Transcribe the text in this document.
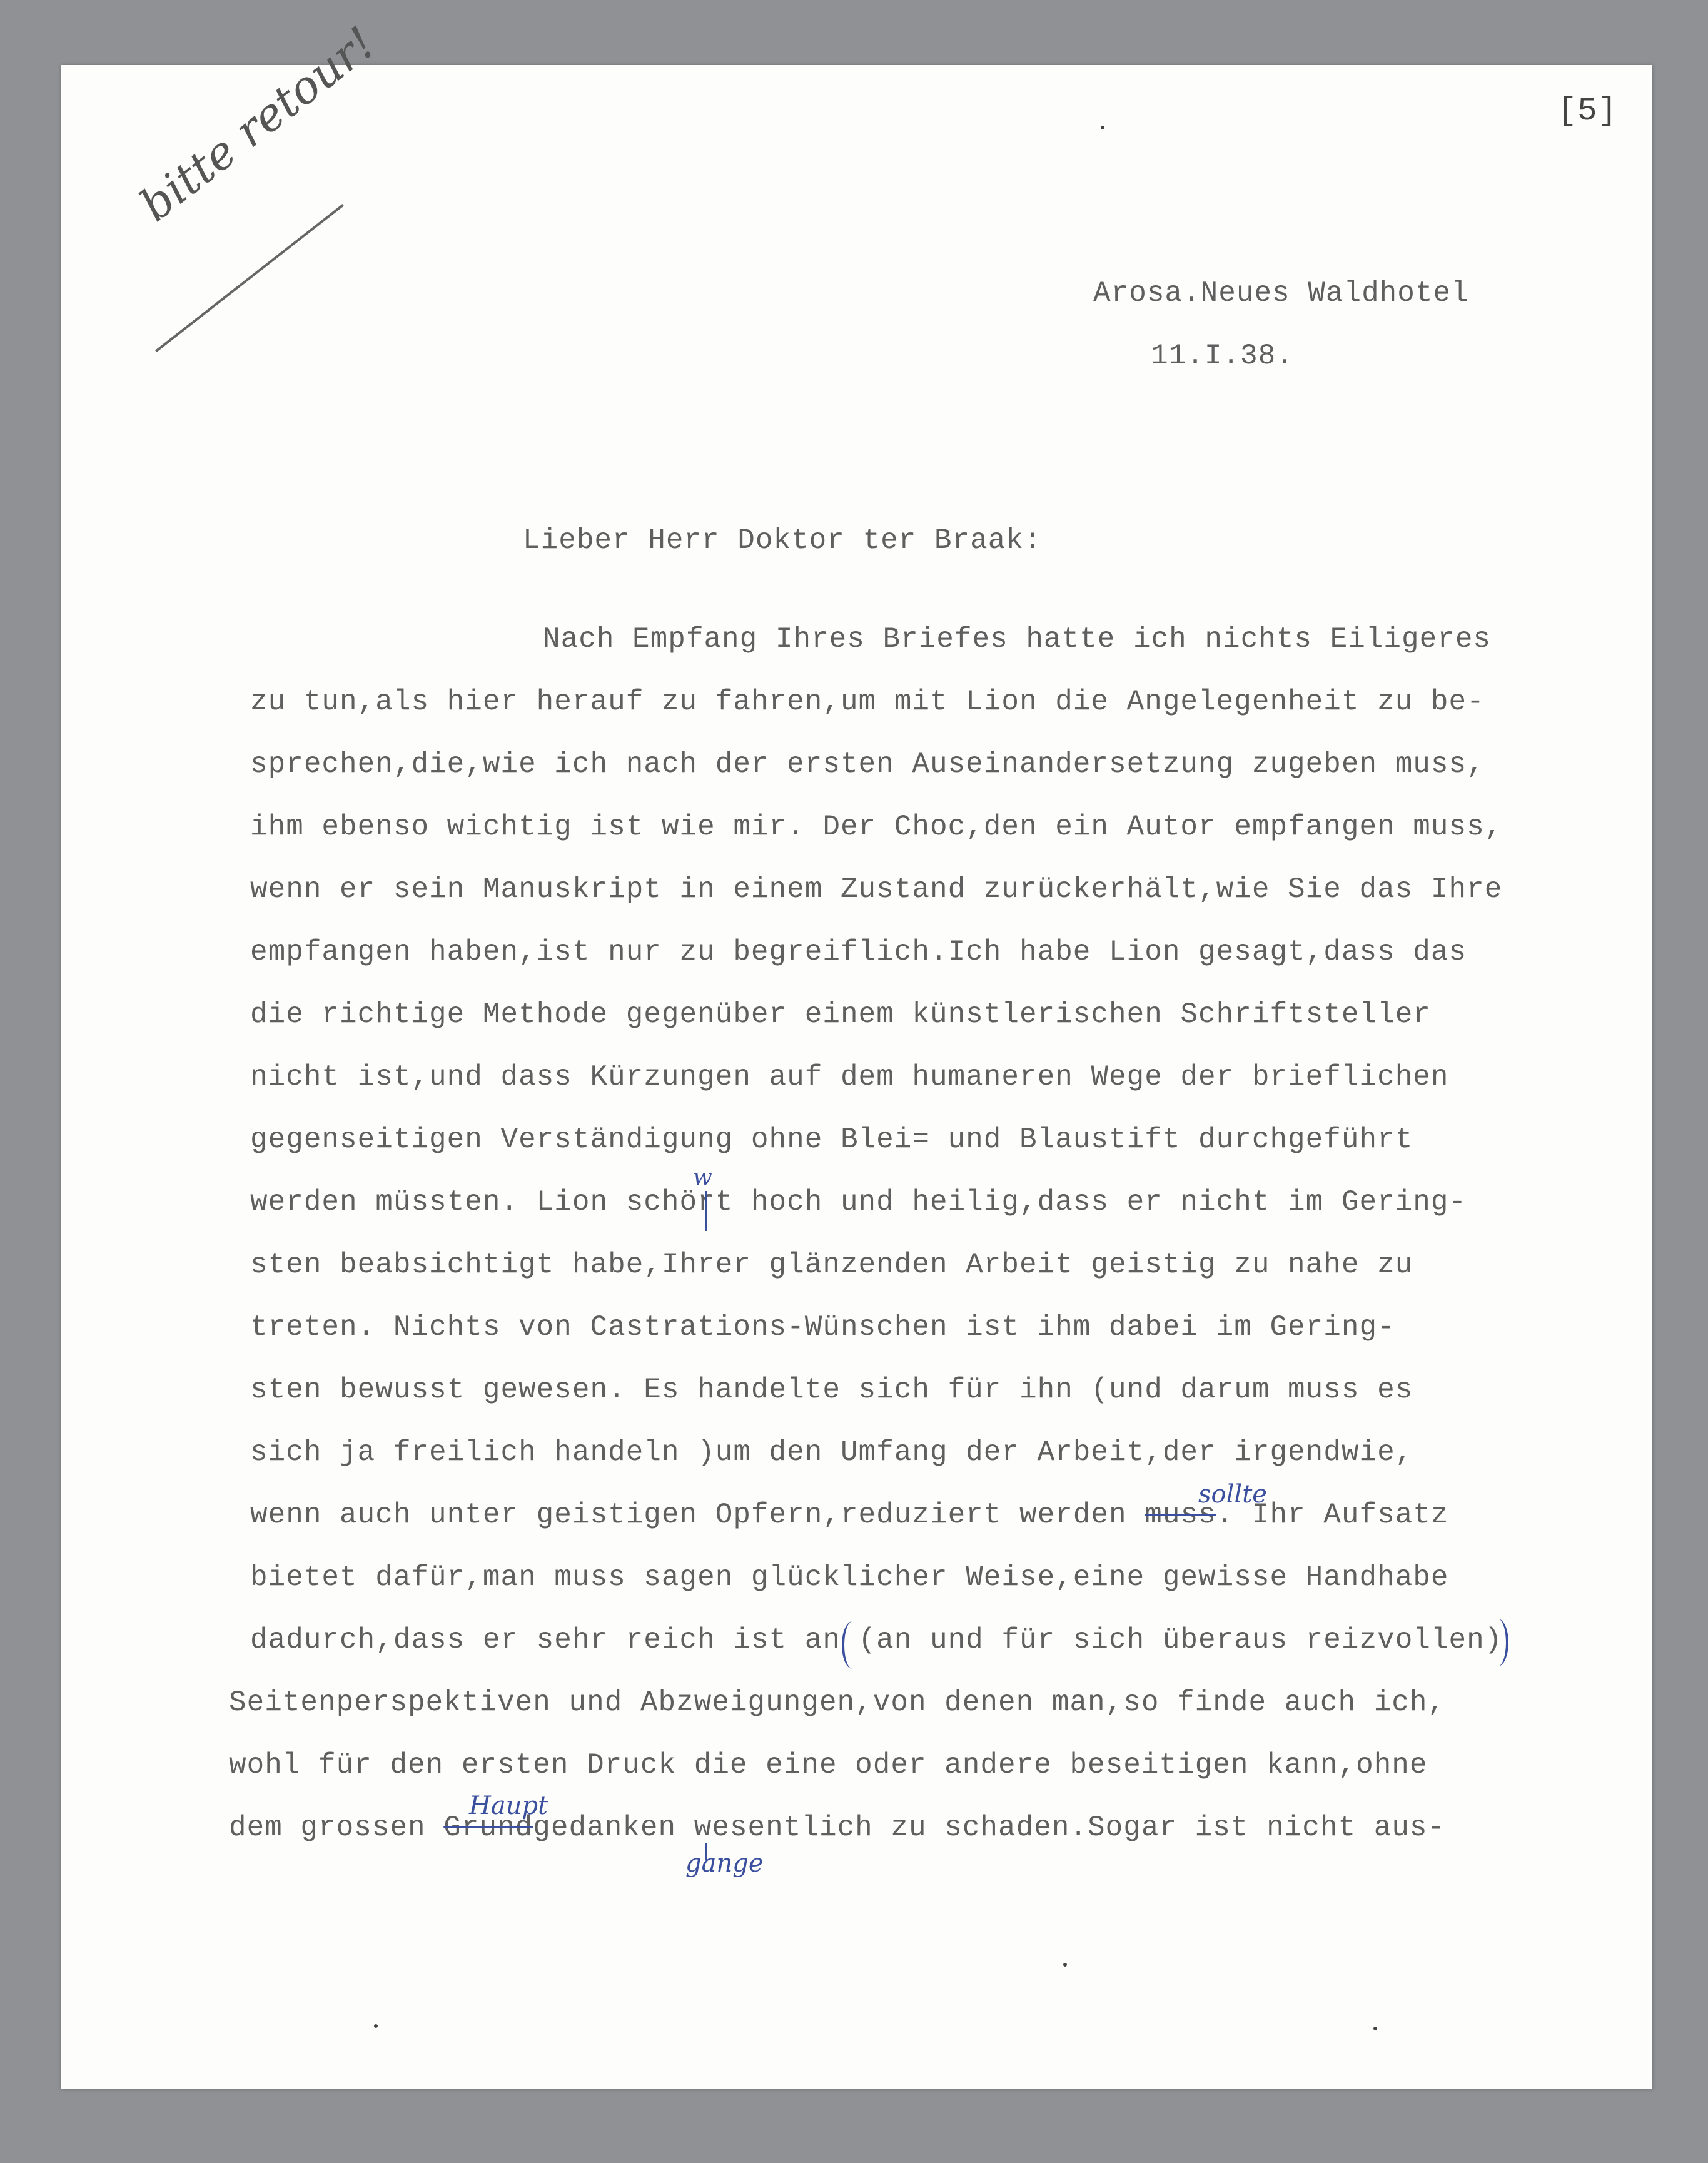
bitte retour!	[5]
Arosa.Neues Waldhotel
11.I.38.
Lieber Herr Doktor ter Braak:
Nach Empfang Ihres Briefes hatte ich nichts Eiligeres
zu tun,als hier herauf zu fahren,um mit Lion die Angelegenheit zu be-
sprechen,die,wie ich nach der ersten Auseinandersetzung zugeben muss,
ihm ebenso wichtig ist wie mir. Der Choc,den ein Autor empfangen muss,
wenn er sein Manuskript in einem Zustand zurückerhält,wie Sie das Ihre
empfangen haben,ist nur zu begreiflich.Ich habe Lion gesagt,dass das
die richtige Methode gegenüber einem künstlerischen Schriftsteller
nicht ist,und dass Kürzungen auf dem humaneren Wege der brieflichen
gegenseitigen Verständigung ohne Blei= und Blaustift durchgeführt
werden müssten. Lion schört hoch und heilig,dass er nicht im Gering-
sten beabsichtigt habe,Ihrer glänzenden Arbeit geistig zu nahe zu
treten. Nichts von Castrations-Wünschen ist ihm dabei im Gering-
sten bewusst gewesen. Es handelte sich für ihn (und darum muss es
sich ja freilich handeln )um den Umfang der Arbeit,der irgendwie,
wenn auch unter geistigen Opfern,reduziert werden muss. Ihr Aufsatz
bietet dafür,man muss sagen glücklicher Weise,eine gewisse Handhabe
dadurch,dass er sehr reich ist an (an und für sich überaus reizvollen)
Seitenperspektiven und Abzweigungen,von denen man,so finde auch ich,
wohl für den ersten Druck die eine oder andere beseitigen kann,ohne
dem grossen Grundgedanken wesentlich zu schaden.Sogar ist nicht aus-
sollte
Haupt
gange
w
